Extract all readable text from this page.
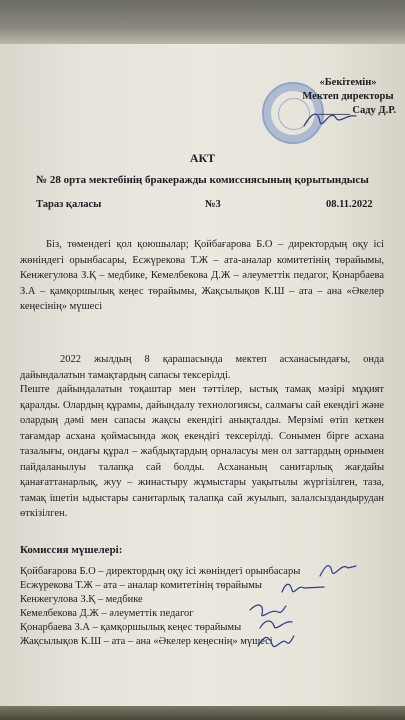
«Бекітемін»
Мектеп директоры
______ Саду Д.Р.
АКТ
№ 28 орта мектебінің бракеражды комиссиясының қорытындысы
Тараз қаласы	№3	08.11.2022
Біз, төмендегі қол қоюшылар; Қойбағарова Б.О – директордың оқу ісі жөніндегі орынбасары, Есжүрекова Т.Ж – ата-аналар комитетінің төрайымы, Кенжегулова З.Қ – медбике, Кемелбекова Д.Ж – әлеуметтік педагог, Қонарбаева З.А – қамқоршылық кеңес төрайымы, Жақсылықов К.Ш – ата – ана «Әкелер кеңесінің» мүшесі
2022 жылдың 8 қарашасында мектеп асханасындағы, онда дайындалатын тамақтардың сапасы тексерілді.
Пеште дайындалатын тоқаштар мен тәттілер, ыстық тамақ мәзірі мұқият қаралды. Олардың құрамы, дайындалу технологиясы, салмағы сай екендігі және олардың дәмі мен сапасы жақсы екендігі анықталды. Мерзімі өтіп кеткен тағамдар асхана қоймасында жоқ екендігі тексерілді. Сонымен бірге асхана тазалығы, ондағы құрал – жабдықтардың орналасуы мен ол заттардың орнымен пайдаланылуы талапқа сай болды. Асхананың санитарлық жағдайы қанағаттанарлық, жуу – жинастыру жұмыстары уақытылы жүргізілген, таза, тамақ ішетін ыдыстары санитарлық талапқа сай жуылып, залалсыздандырудан өткізілген.
Комиссия мүшелері:
Қойбағарова Б.О – директордың оқу ісі жөніндегі орынбасары
Есжүрекова Т.Ж – ата – аналар комитетінің төрайымы
Кенжегулова З.Қ – медбике
Кемелбекова Д.Ж – әлеуметтік педагог
Қонарбаева З.А – қамқоршылық кеңес төрайымы
Жақсылықов К.Ш – ата – ана «Әкелер кеңеснің» мүшесі
